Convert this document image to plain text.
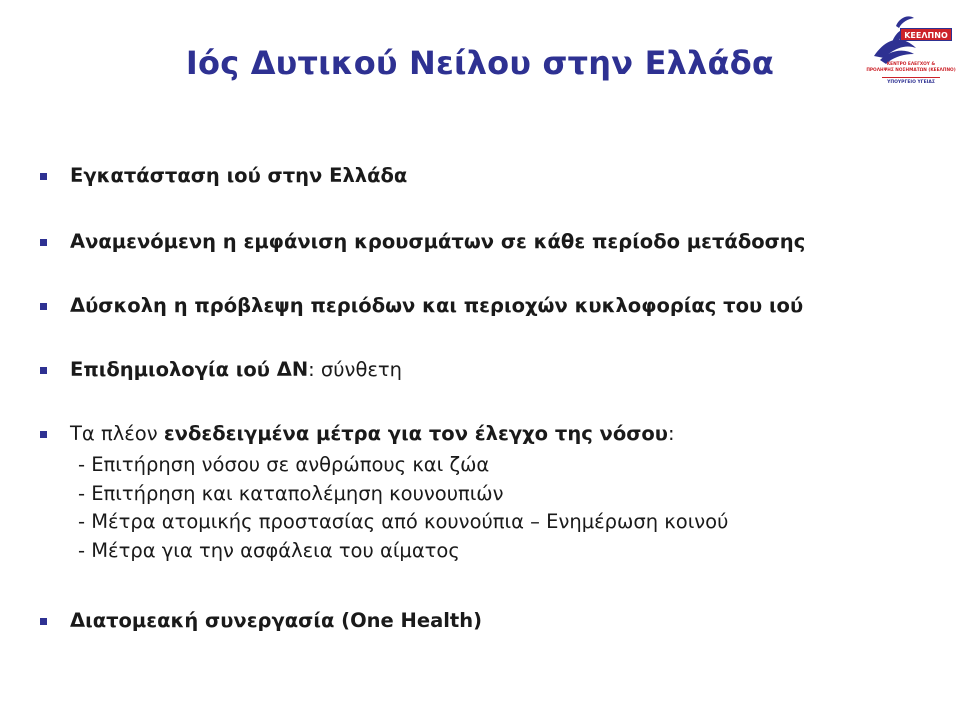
Ιός Δυτικού Νείλου στην Ελλάδα
ΚΕΕΛΠΝΟ
ΚΕΝΤΡΟ ΕΛΕΓΧΟΥ &
ΠΡΟΛΗΨΗΣ ΝΟΣΗΜΑΤΩΝ (ΚΕΕΛΠΝΟ)
ΥΠΟΥΡΓΕΙΟ ΥΓΕΙΑΣ
Εγκατάσταση ιού στην Ελλάδα
Αναμενόμενη η εμφάνιση κρουσμάτων σε κάθε περίοδο μετάδοσης
Δύσκολη η πρόβλεψη περιόδων και περιοχών κυκλοφορίας του ιού
Επιδημιολογία ιού ΔΝ: σύνθετη
Τα πλέον ενδεδειγμένα μέτρα για τον έλεγχο της νόσου:
- Επιτήρηση νόσου σε ανθρώπους και ζώα
- Επιτήρηση και καταπολέμηση κουνουπιών
- Μέτρα ατομικής προστασίας από κουνούπια – Ενημέρωση κοινού
- Μέτρα για την ασφάλεια του αίματος
Διατομεακή συνεργασία (One Health)
